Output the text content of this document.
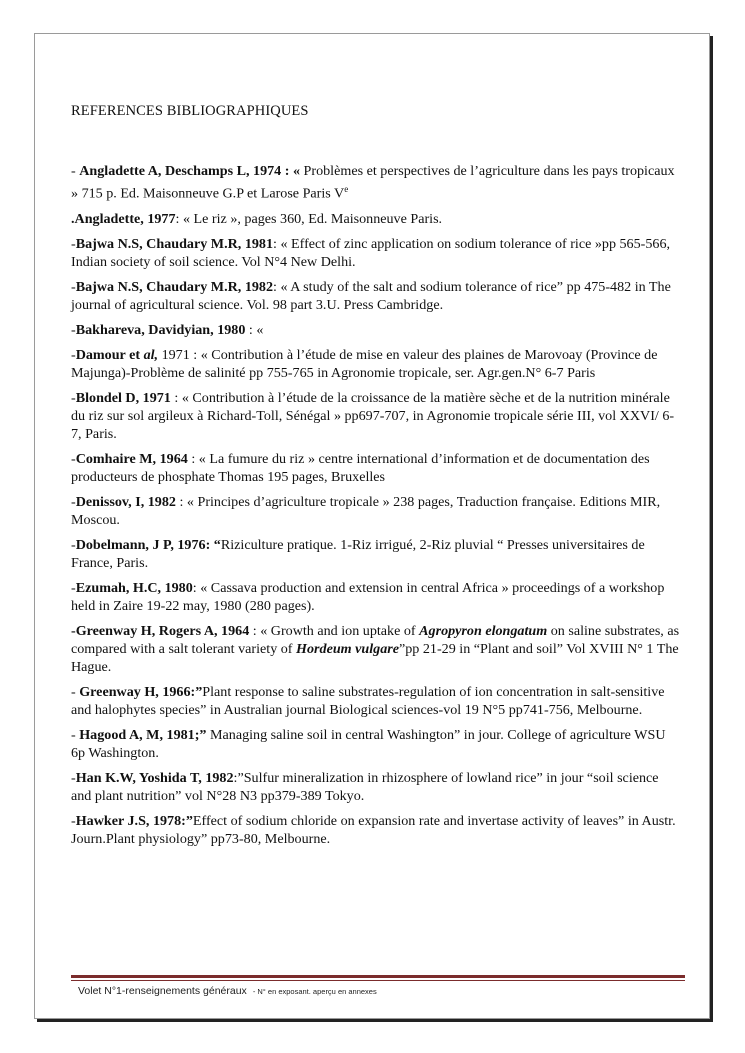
REFERENCES BIBLIOGRAPHIQUES

- Angladette A, Deschamps L, 1974 : « Problèmes et perspectives de l’agriculture dans les pays tropicaux » 715 p. Ed. Maisonneuve G.P et Larose Paris Ve

.Angladette, 1977: « Le riz », pages 360, Ed. Maisonneuve Paris.

-Bajwa N.S, Chaudary M.R, 1981: « Effect of zinc application on sodium tolerance of rice »pp 565-566, Indian society of soil science. Vol N°4 New Delhi.

-Bajwa N.S, Chaudary M.R, 1982: « A study of the salt and sodium tolerance of rice” pp 475-482 in The journal of agricultural science. Vol. 98 part 3.U. Press Cambridge.

-Bakhareva, Davidyian, 1980 : «

-Damour et al, 1971 : « Contribution à l’étude de mise en valeur des plaines de Marovoay (Province de Majunga)-Problème de salinité pp 755-765 in Agronomie tropicale, ser. Agr.gen.N° 6-7 Paris

-Blondel D, 1971 : « Contribution à l’étude de la croissance de la matière sèche et de la nutrition minérale du riz sur sol argileux à Richard-Toll, Sénégal » pp697-707, in Agronomie tropicale série III, vol XXVI/ 6-7, Paris.

-Comhaire M, 1964 : « La fumure du riz » centre international d’information et de documentation des producteurs de phosphate Thomas 195 pages, Bruxelles

-Denissov, I, 1982 : « Principes d’agriculture tropicale » 238 pages, Traduction française. Editions MIR, Moscou.

-Dobelmann, J P, 1976: “Riziculture pratique. 1-Riz irrigué, 2-Riz pluvial “ Presses universitaires de France, Paris.

-Ezumah, H.C, 1980: « Cassava production and extension in central Africa » proceedings of a workshop held in Zaire 19-22 may, 1980 (280 pages).

-Greenway H, Rogers A, 1964 : « Growth and ion uptake of Agropyron elongatum on saline substrates, as compared with a salt tolerant variety of Hordeum vulgare”pp 21-29 in “Plant and soil” Vol XVIII N° 1 The Hague.

- Greenway H, 1966:”Plant response to saline substrates-regulation of ion concentration in salt-sensitive and halophytes species” in Australian journal Biological sciences-vol 19 N°5 pp741-756, Melbourne.

- Hagood A, M, 1981;” Managing saline soil in central Washington” in jour. College of agriculture WSU 6p Washington.

-Han K.W, Yoshida T, 1982:”Sulfur mineralization in rhizosphere of lowland rice” in jour “soil science and plant nutrition” vol N°28 N3 pp379-389 Tokyo.

-Hawker J.S, 1978:”Effect of sodium chloride on expansion rate and invertase activity of leaves” in Austr. Journ.Plant physiology” pp73-80, Melbourne.

Volet N°1-renseignements généraux - N° en exposant. aperçu en annexes
